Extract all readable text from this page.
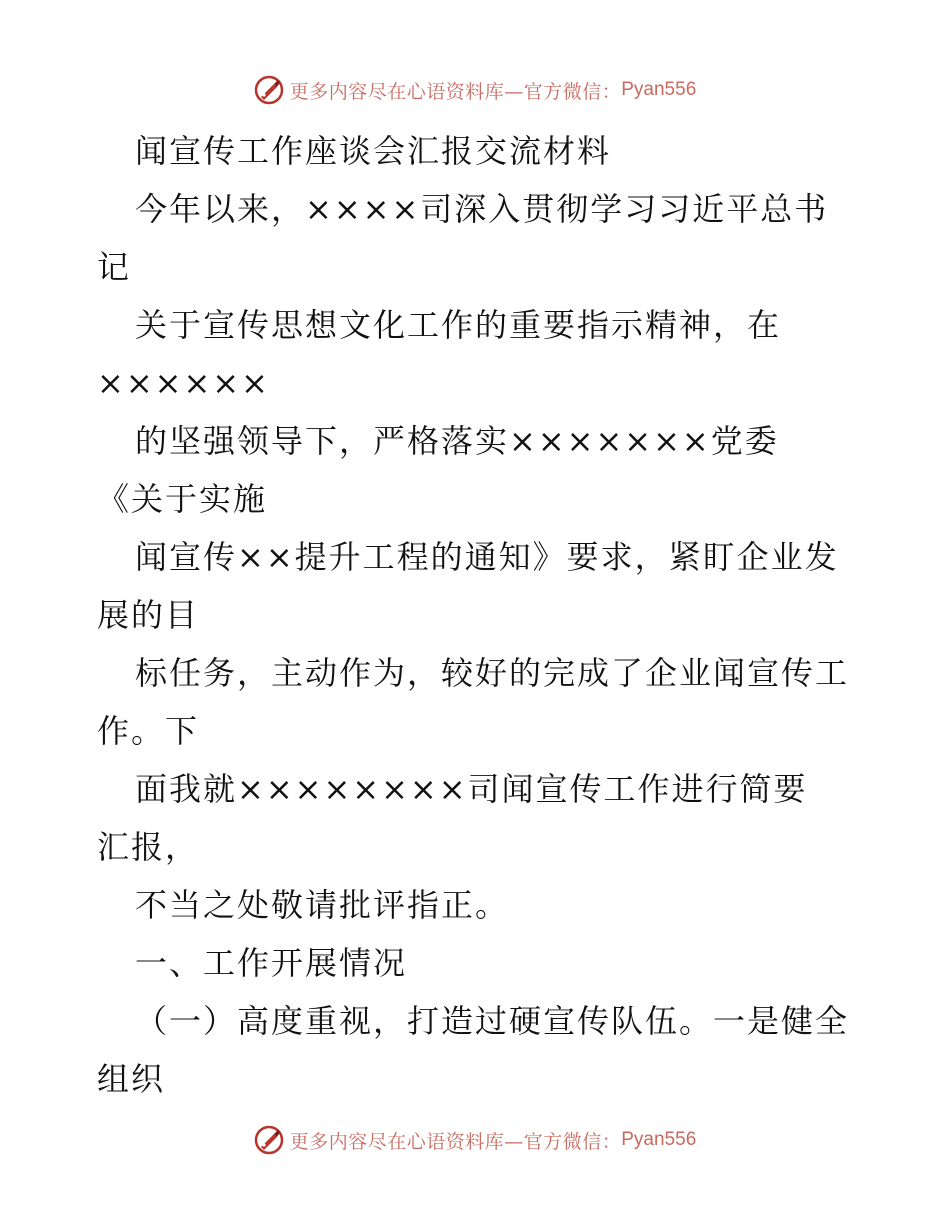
更多内容尽在心语资料库—官方微信： Pyan556
闻宣传工作座谈会汇报交流材料
今年以来，××××司深入贯彻学习习近平总书
记
关于宣传思想文化工作的重要指示精神，在
××××××
的坚强领导下，严格落实×××××××党委
《关于实施
闻宣传××提升工程的通知》要求，紧盯企业发
展的目
标任务，主动作为，较好的完成了企业闻宣传工
作。下
面我就××××××××司闻宣传工作进行简要
汇报，
不当之处敬请批评指正。
一、工作开展情况
（一）高度重视，打造过硬宣传队伍。一是健全
组织
更多内容尽在心语资料库—官方微信： Pyan556
